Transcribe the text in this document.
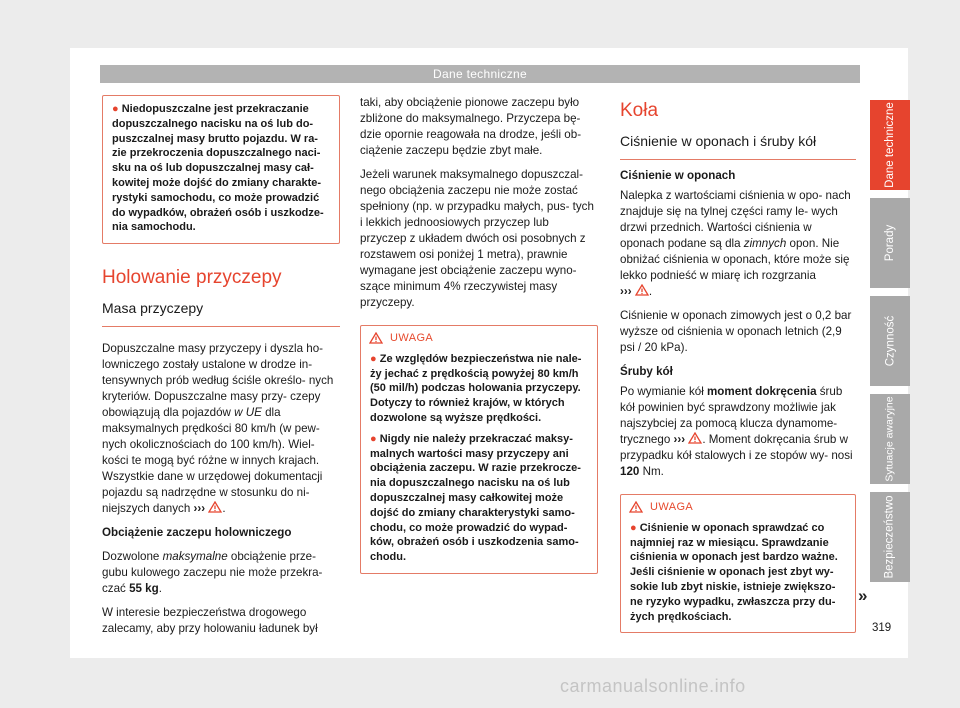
Dane techniczne

● Niedopuszczalne jest przekraczanie dopuszczalnego nacisku na oś lub do- puszczalnej masy brutto pojazdu. W ra- zie przekroczenia dopuszczalnego naci- sku na oś lub dopuszczalnej masy cał- kowitej może dojść do zmiany charakte- rystyki samochodu, co może prowadzić do wypadków, obrażeń osób i uszkodze- nia samochodu.

Holowanie przyczepy
Masa przyczepy

Dopuszczalne masy przyczepy i dyszla ho- lowniczego zostały ustalone w drodze in- tensywnych prób według ściśle określo- nych kryteriów. Dopuszczalne masy przy- czepy obowiązują dla pojazdów w UE dla maksymalnych prędkości 80 km/h (w pew- nych okolicznościach do 100 km/h). Wiel- kości te mogą być różne w innych krajach. Wszystkie dane w urzędowej dokumentacji pojazdu są nadrzędne w stosunku do ni- niejszych danych ››› .

Obciążenie zaczepu holowniczego

Dozwolone maksymalne obciążenie prze- gubu kulowego zaczepu nie może przekra- czać 55 kg.

W interesie bezpieczeństwa drogowego zalecamy, aby przy holowaniu ładunek był

taki, aby obciążenie pionowe zaczepu było zbliżone do maksymalnego. Przyczepa bę- dzie opornie reagowała na drodze, jeśli ob- ciążenie zaczepu będzie zbyt małe.

Jeżeli warunek maksymalnego dopuszczal- nego obciążenia zaczepu nie może zostać spełniony (np. w przypadku małych, pus- tych i lekkich jednoosiowych przyczep lub przyczep z układem dwóch osi posobnych z rozstawem osi poniżej 1 metra), prawnie wymagane jest obciążenie zaczepu wyno- szące minimum 4% rzeczywistej masy przyczepy.

UWAGA

● Ze względów bezpieczeństwa nie nale- ży jechać z prędkością powyżej 80 km/h (50 mil/h) podczas holowania przyczepy. Dotyczy to również krajów, w których dozwolone są wyższe prędkości.

● Nigdy nie należy przekraczać maksy- malnych wartości masy przyczepy ani obciążenia zaczepu. W razie przekrocze- nia dopuszczalnego nacisku na oś lub dopuszczalnej masy całkowitej może dojść do zmiany charakterystyki samo- chodu, co może prowadzić do wypad- ków, obrażeń osób i uszkodzenia samo- chodu.

Koła
Ciśnienie w oponach i śruby kół

Ciśnienie w oponach

Nalepka z wartościami ciśnienia w opo- nach znajduje się na tylnej części ramy le- wych drzwi przednich. Wartości ciśnienia w oponach podane są dla zimnych opon. Nie obniżać ciśnienia w oponach, które może się lekko podnieść w miarę ich rozgrzania
››› .

Ciśnienie w oponach zimowych jest o 0,2 bar wyższe od ciśnienia w oponach letnich (2,9 psi / 20 kPa).

Śruby kół

Po wymianie kół moment dokręcenia śrub kół powinien być sprawdzony możliwie jak najszybciej za pomocą klucza dynamome- trycznego ››› . Moment dokręcania śrub w przypadku kół stalowych i ze stopów wy- nosi 120 Nm.

UWAGA

● Ciśnienie w oponach sprawdzać co najmniej raz w miesiącu. Sprawdzanie ciśnienia w oponach jest bardzo ważne. Jeśli ciśnienie w oponach jest zbyt wy- sokie lub zbyt niskie, istnieje zwiększo- ne ryzyko wypadku, zwłaszcza przy du- żych prędkościach.

Dane techniczne
Porady
Czynność
Sytuacje awaryjne
Bezpieczeństwo
»
319
carmanualsonline.info
